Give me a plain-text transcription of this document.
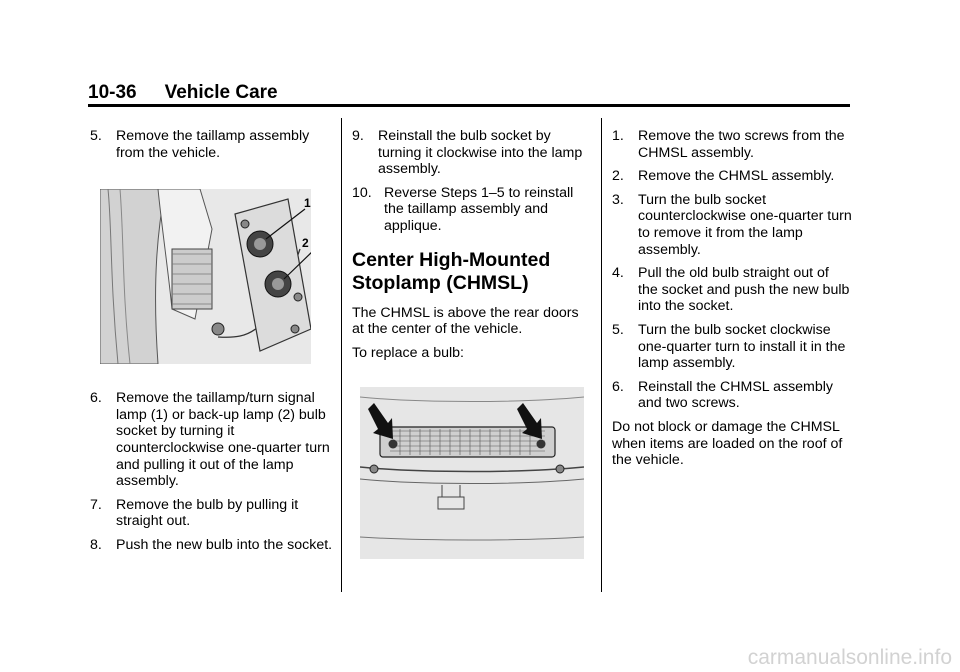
10-36 Vehicle Care
5. Remove the taillamp assembly from the vehicle.
1
2
6. Remove the taillamp/turn signal lamp (1) or back-up lamp (2) bulb socket by turning it counterclockwise one-quarter turn and pulling it out of the lamp assembly.
7. Remove the bulb by pulling it straight out.
8. Push the new bulb into the socket.
9. Reinstall the bulb socket by turning it clockwise into the lamp assembly.
10. Reverse Steps 1–5 to reinstall the taillamp assembly and applique.
Center High-Mounted Stoplamp (CHMSL)
The CHMSL is above the rear doors at the center of the vehicle.
To replace a bulb:
1. Remove the two screws from the CHMSL assembly.
2. Remove the CHMSL assembly.
3. Turn the bulb socket counterclockwise one-quarter turn to remove it from the lamp assembly.
4. Pull the old bulb straight out of the socket and push the new bulb into the socket.
5. Turn the bulb socket clockwise one-quarter turn to install it in the lamp assembly.
6. Reinstall the CHMSL assembly and two screws.
Do not block or damage the CHMSL when items are loaded on the roof of the vehicle.
carmanualsonline.info
